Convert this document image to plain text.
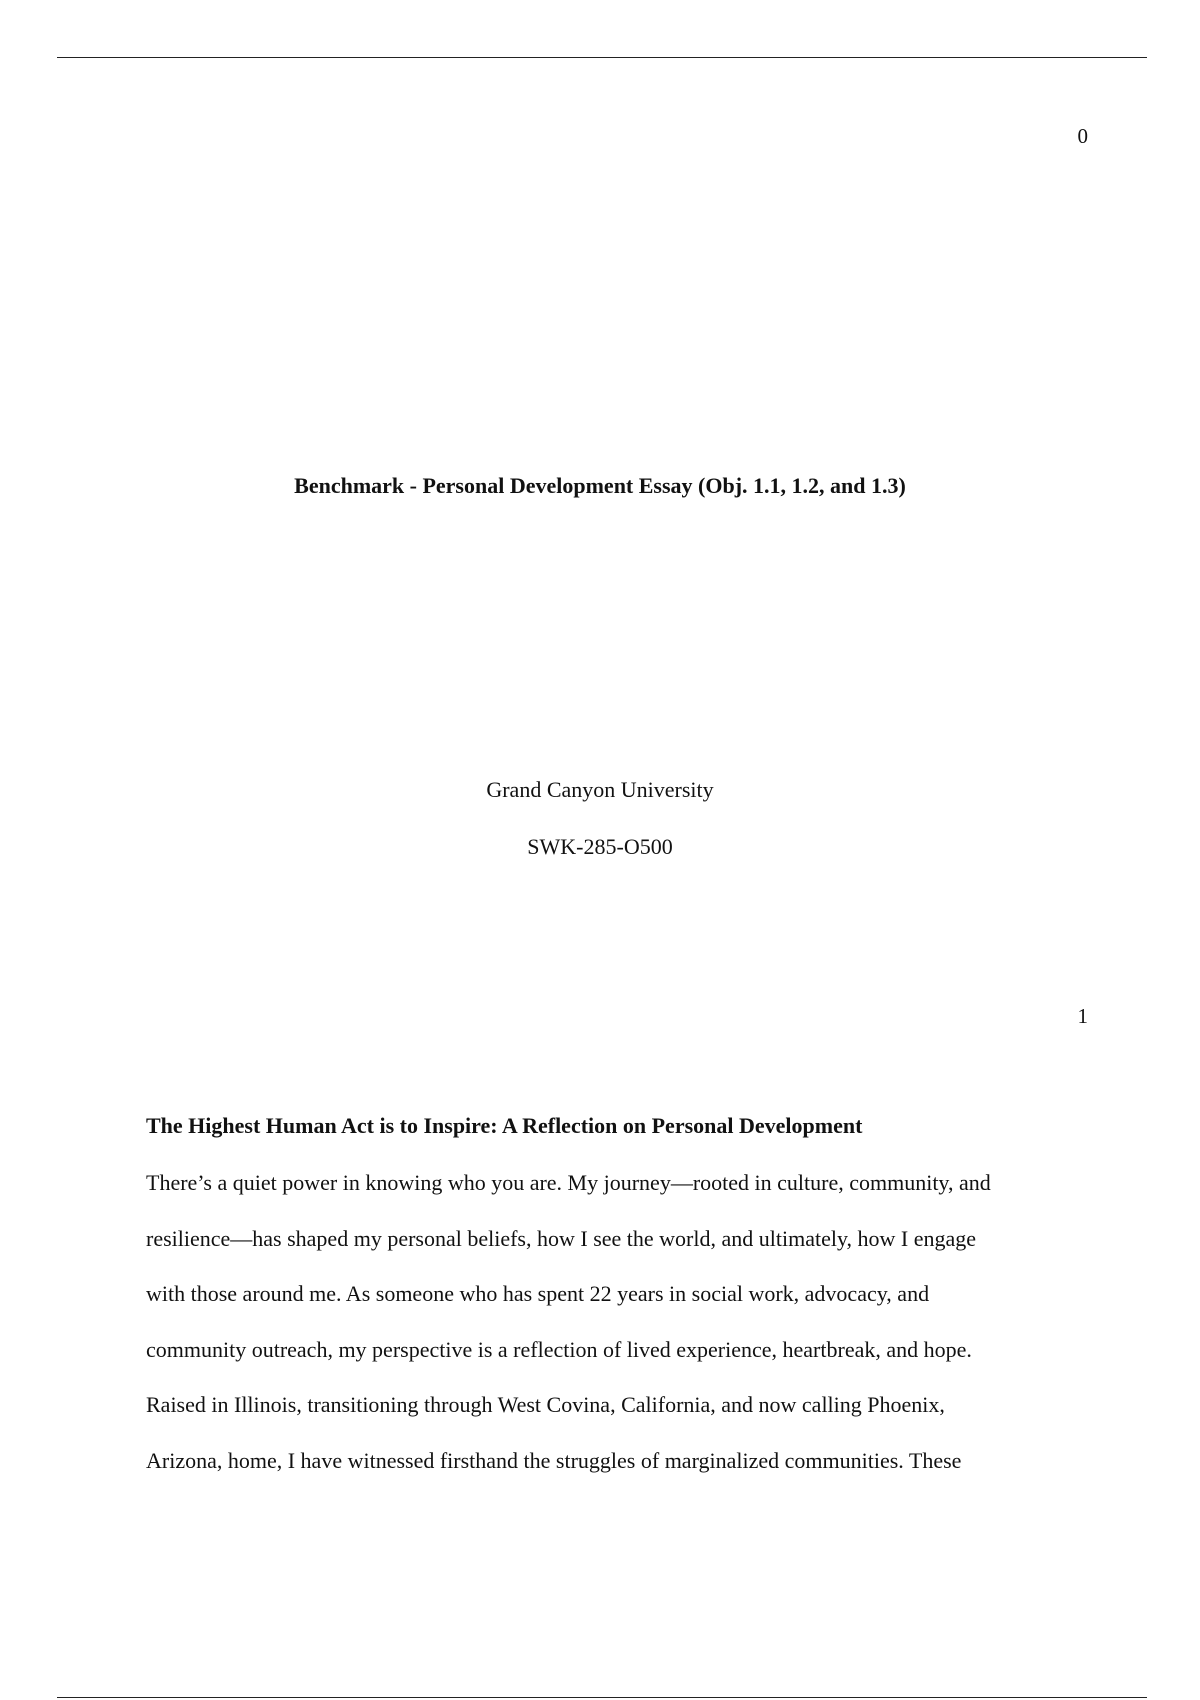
0
Benchmark - Personal Development Essay (Obj. 1.1, 1.2, and 1.3)
Grand Canyon University
SWK-285-O500
1
The Highest Human Act is to Inspire: A Reflection on Personal Development
There’s a quiet power in knowing who you are. My journey—rooted in culture, community, and
resilience—has shaped my personal beliefs, how I see the world, and ultimately, how I engage
with those around me. As someone who has spent 22 years in social work, advocacy, and
community outreach, my perspective is a reflection of lived experience, heartbreak, and hope.
Raised in Illinois, transitioning through West Covina, California, and now calling Phoenix,
Arizona, home, I have witnessed firsthand the struggles of marginalized communities. These
